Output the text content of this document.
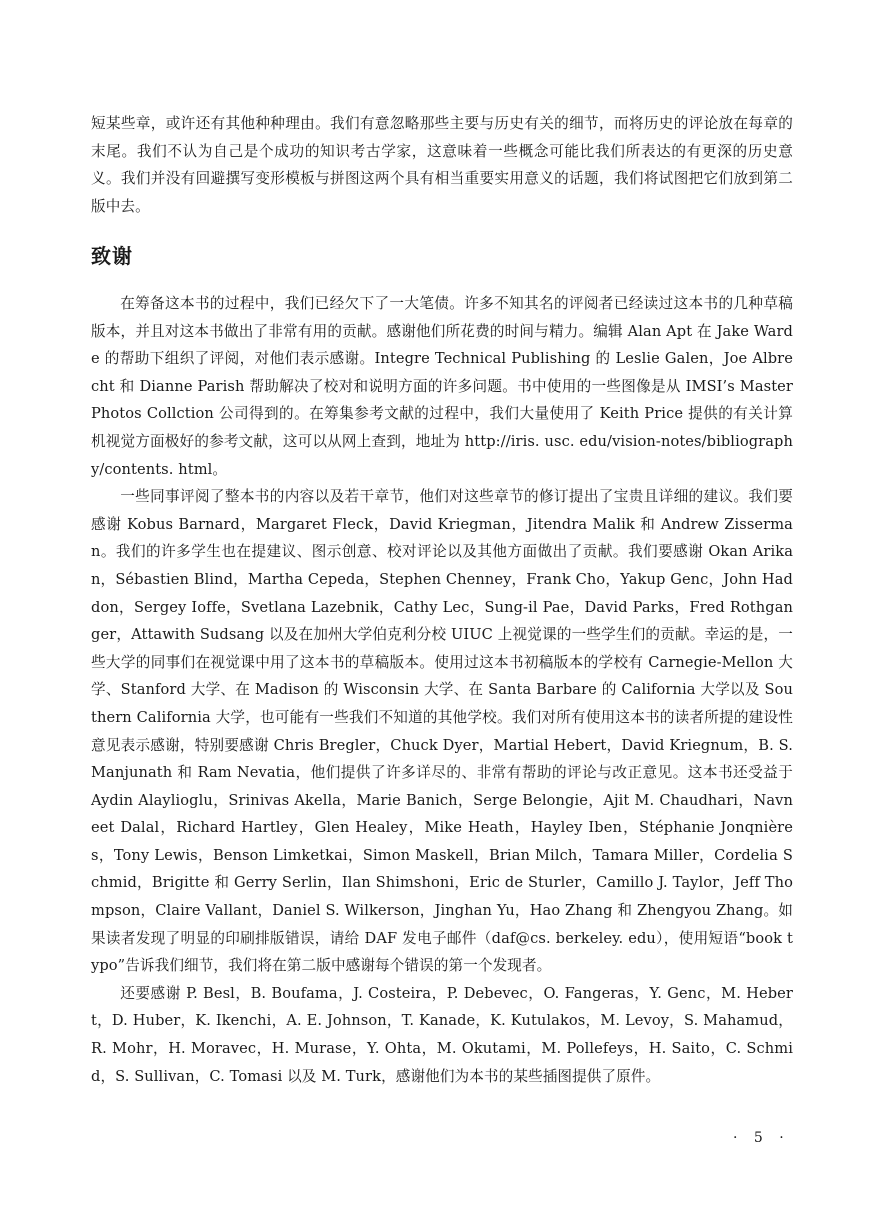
短某些章，或许还有其他种种理由。我们有意忽略那些主要与历史有关的细节，而将历史的评论放在每章的末尾。我们不认为自己是个成功的知识考古学家，这意味着一些概念可能比我们所表达的有更深的历史意义。我们并没有回避撰写变形模板与拼图这两个具有相当重要实用意义的话题，我们将试图把它们放到第二版中去。

致谢

在筹备这本书的过程中，我们已经欠下了一大笔债。许多不知其名的评阅者已经读过这本书的几种草稿版本，并且对这本书做出了非常有用的贡献。感谢他们所花费的时间与精力。编辑 Alan Apt 在 Jake Warde 的帮助下组织了评阅，对他们表示感谢。Integre Technical Publishing 的 Leslie Galen，Joe Albrecht 和 Dianne Parish 帮助解决了校对和说明方面的许多问题。书中使用的一些图像是从 IMSI’s Master Photos Collction 公司得到的。在筹集参考文献的过程中，我们大量使用了 Keith Price 提供的有关计算机视觉方面极好的参考文献，这可以从网上查到，地址为 http://iris. usc. edu/vision-notes/bibliography/contents. html。

一些同事评阅了整本书的内容以及若干章节，他们对这些章节的修订提出了宝贵且详细的建议。我们要感谢 Kobus Barnard，Margaret Fleck，David Kriegman，Jitendra Malik 和 Andrew Zisserman。我们的许多学生也在提建议、图示创意、校对评论以及其他方面做出了贡献。我们要感谢 Okan Arikan，Sébastien Blind，Martha Cepeda，Stephen Chenney，Frank Cho，Yakup Genc，John Haddon，Sergey Ioffe，Svetlana Lazebnik，Cathy Lec，Sung-il Pae，David Parks，Fred Rothganger，Attawith Sudsang 以及在加州大学伯克利分校 UIUC 上视觉课的一些学生们的贡献。幸运的是，一些大学的同事们在视觉课中用了这本书的草稿版本。使用过这本书初稿版本的学校有 Carnegie-Mellon 大学、Stanford 大学、在 Madison 的 Wisconsin 大学、在 Santa Barbare 的 California 大学以及 Southern California 大学，也可能有一些我们不知道的其他学校。我们对所有使用这本书的读者所提的建设性意见表示感谢，特别要感谢 Chris Bregler，Chuck Dyer，Martial Hebert，David Kriegnum，B. S. Manjunath 和 Ram Nevatia，他们提供了许多详尽的、非常有帮助的评论与改正意见。这本书还受益于 Aydin Alaylioglu，Srinivas Akella，Marie Banich，Serge Belongie，Ajit M. Chaudhari，Navneet Dalal，Richard Hartley，Glen Healey，Mike Heath，Hayley Iben，Stéphanie Jonqnières，Tony Lewis，Benson Limketkai，Simon Maskell，Brian Milch，Tamara Miller，Cordelia Schmid，Brigitte 和 Gerry Serlin，Ilan Shimshoni，Eric de Sturler，Camillo J. Taylor，Jeff Thompson，Claire Vallant，Daniel S. Wilkerson，Jinghan Yu，Hao Zhang 和 Zhengyou Zhang。如果读者发现了明显的印刷排版错误，请给 DAF 发电子邮件（daf@cs. berkeley. edu），使用短语“book typo”告诉我们细节，我们将在第二版中感谢每个错误的第一个发现者。

还要感谢 P. Besl，B. Boufama，J. Costeira，P. Debevec，O. Fangeras，Y. Genc，M. Hebert，D. Huber，K. Ikenchi，A. E. Johnson，T. Kanade，K. Kutulakos，M. Levoy，S. Mahamud，R. Mohr，H. Moravec，H. Murase，Y. Ohta，M. Okutami，M. Pollefeys，H. Saito，C. Schmid，S. Sullivan，C. Tomasi 以及 M. Turk，感谢他们为本书的某些插图提供了原件。

· 5 ·
